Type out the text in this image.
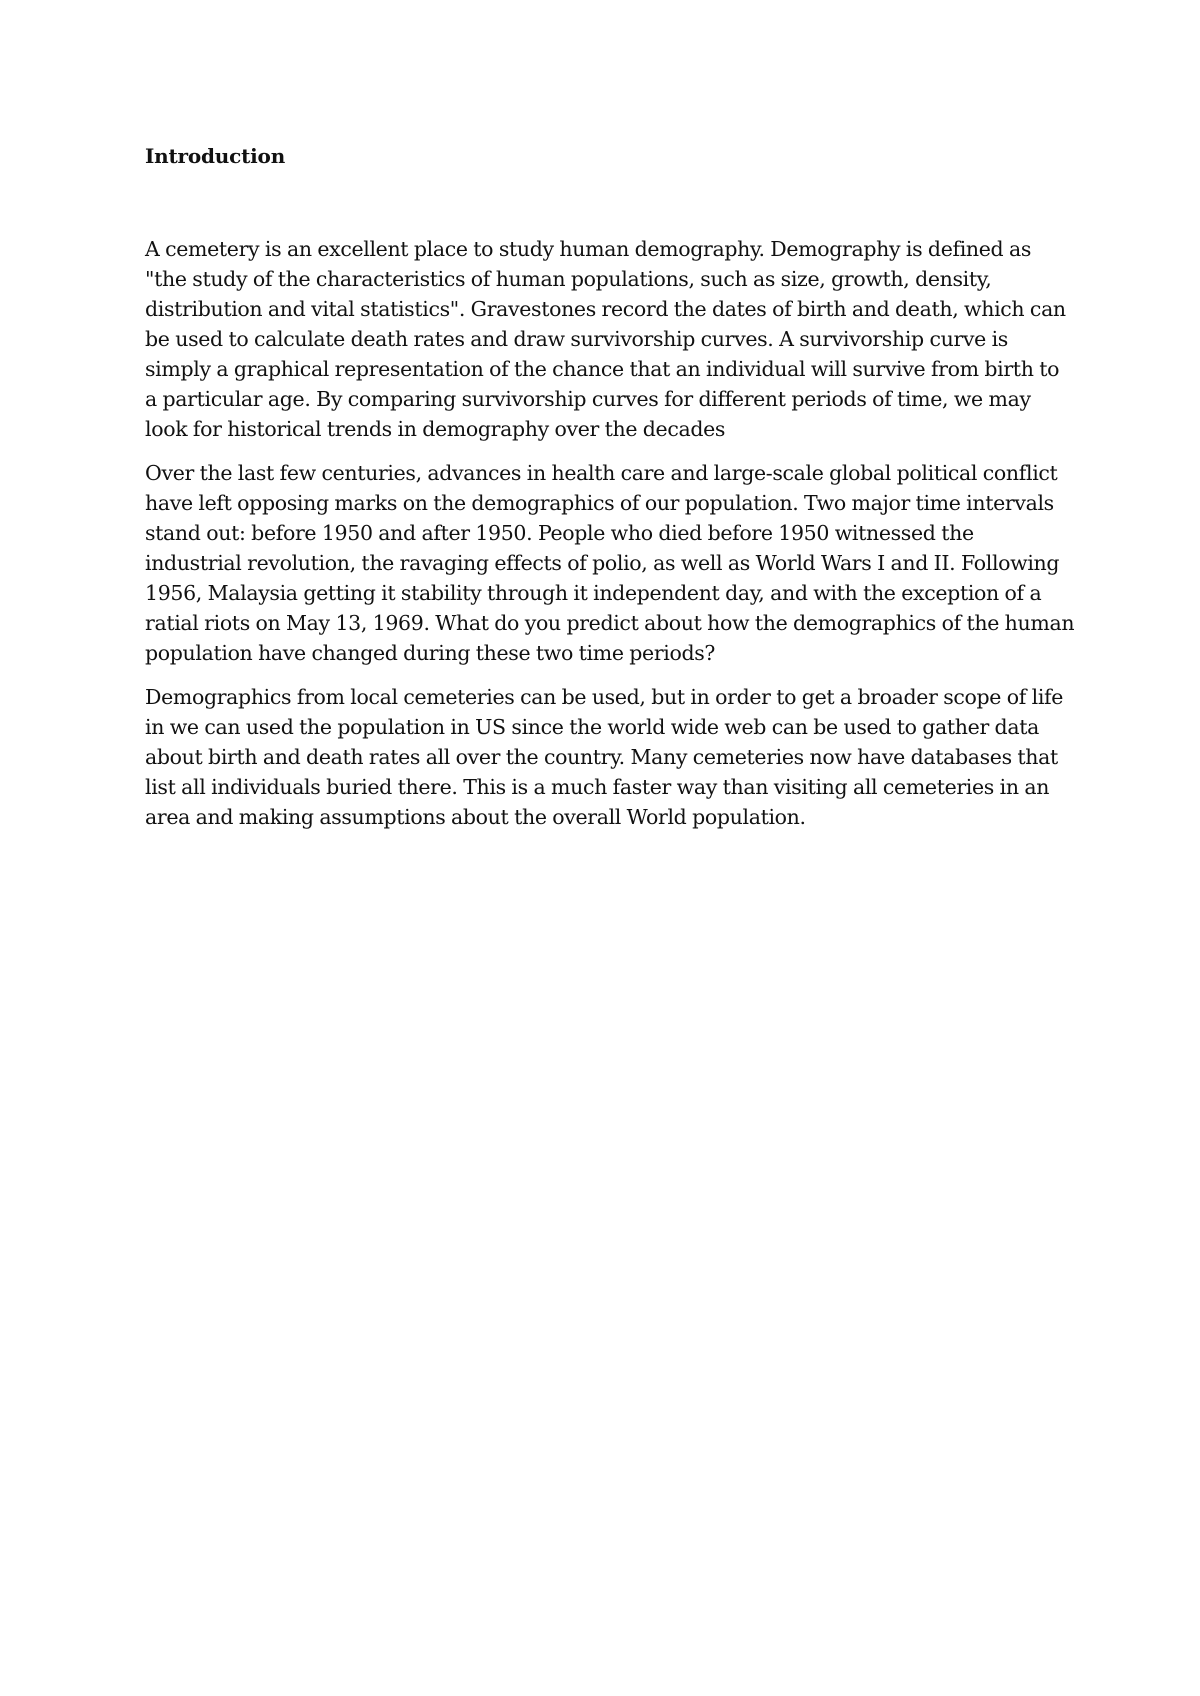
Introduction

A cemetery is an excellent place to study human demography. Demography is defined as "the study of the characteristics of human populations, such as size, growth, density, distribution and vital statistics". Gravestones record the dates of birth and death, which can be used to calculate death rates and draw survivorship curves. A survivorship curve is simply a graphical representation of the chance that an individual will survive from birth to a particular age. By comparing survivorship curves for different periods of time, we may look for historical trends in demography over the decades

Over the last few centuries, advances in health care and large-scale global political conflict have left opposing marks on the demographics of our population. Two major time intervals stand out: before 1950 and after 1950. People who died before 1950 witnessed the industrial revolution, the ravaging effects of polio, as well as World Wars I and II. Following 1956, Malaysia getting it stability through it independent day, and with the exception of a ratial riots on May 13, 1969. What do you predict about how the demographics of the human population have changed during these two time periods?

Demographics from local cemeteries can be used, but in order to get a broader scope of life in we can used the population in US since the world wide web can be used to gather data about birth and death rates all over the country. Many cemeteries now have databases that list all individuals buried there. This is a much faster way than visiting all cemeteries in an area and making assumptions about the overall World population.
